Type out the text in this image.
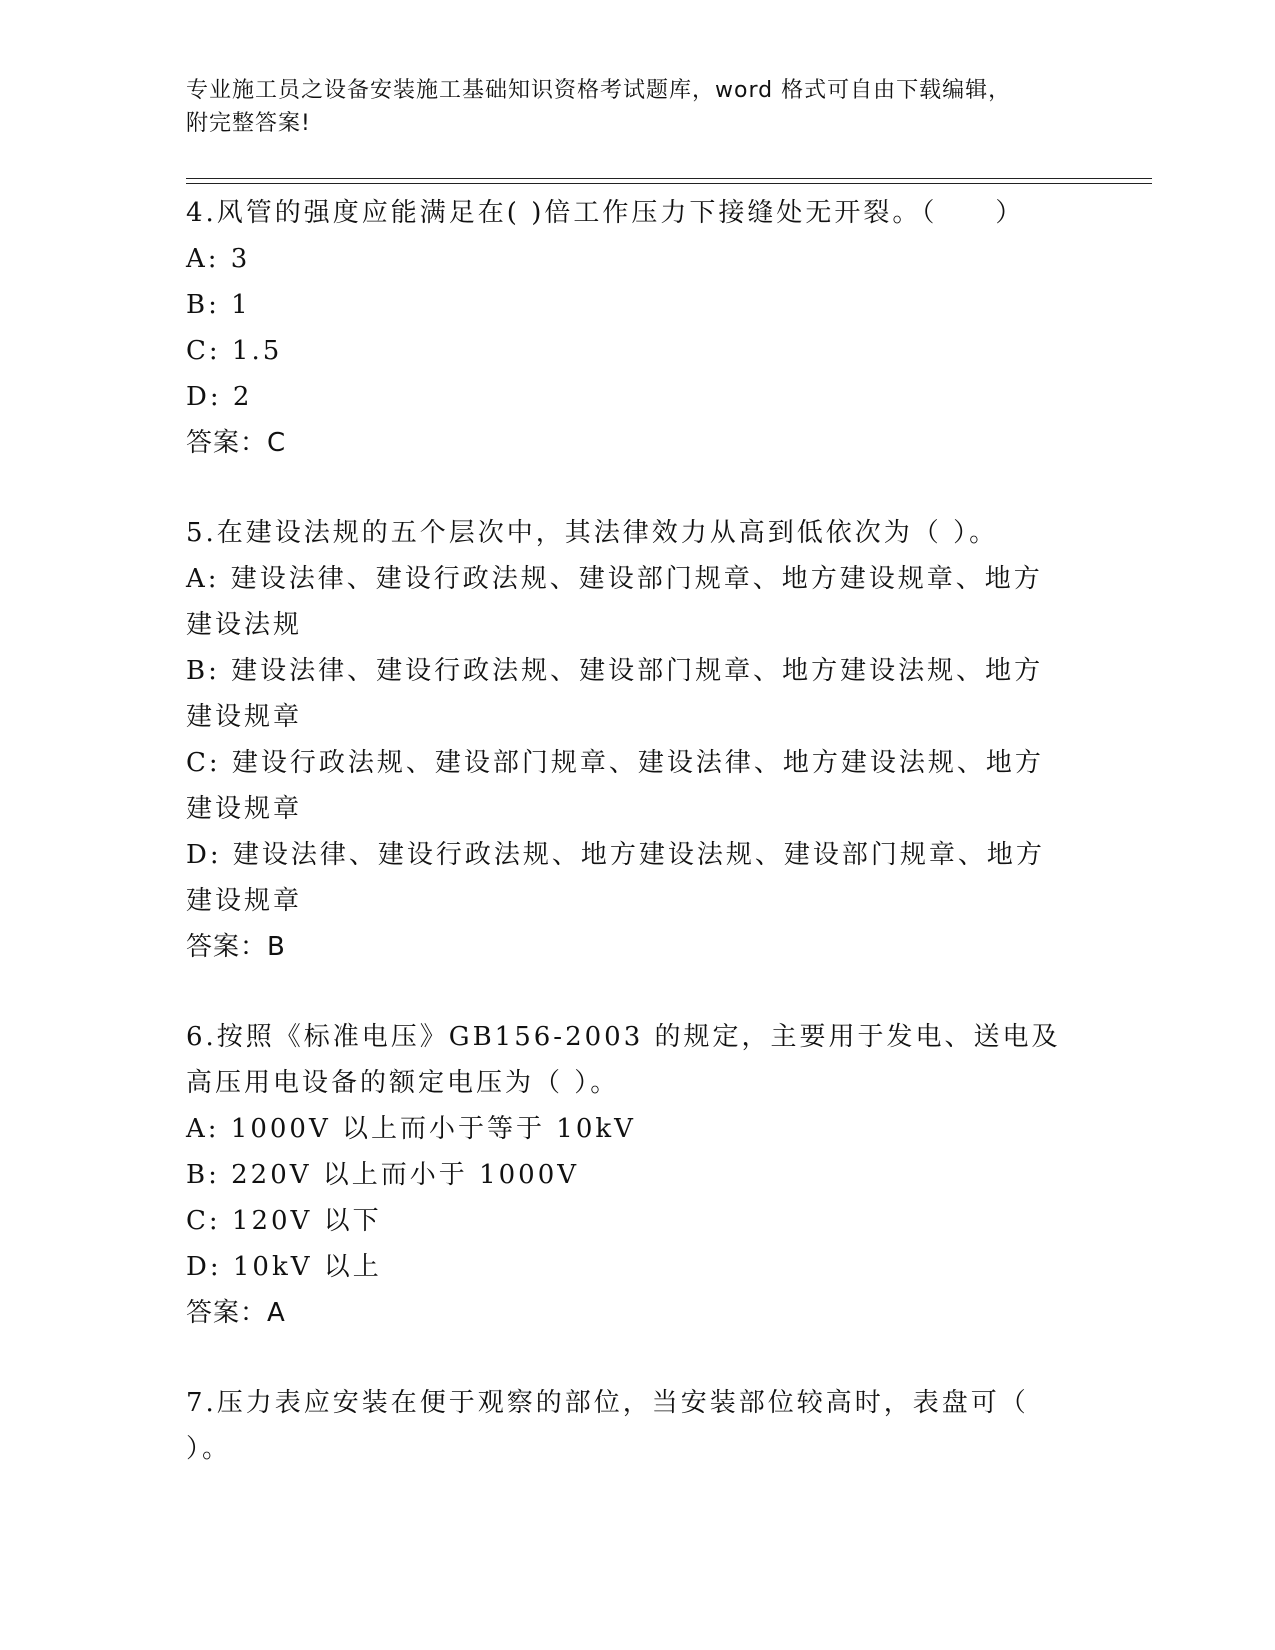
专业施工员之设备安装施工基础知识资格考试题库，word 格式可自由下载编辑，
附完整答案!
4.风管的强度应能满足在( )倍工作压力下接缝处无开裂。（　　）
A: 3
B: 1
C: 1.5
D: 2
答案：C
5.在建设法规的五个层次中，其法律效力从高到低依次为（ ）。
A: 建设法律、建设行政法规、建设部门规章、地方建设规章、地方建设法规
B: 建设法律、建设行政法规、建设部门规章、地方建设法规、地方建设规章
C: 建设行政法规、建设部门规章、建设法律、地方建设法规、地方建设规章
D: 建设法律、建设行政法规、地方建设法规、建设部门规章、地方建设规章
答案：B
6.按照《标准电压》GB156-2003 的规定，主要用于发电、送电及高压用电设备的额定电压为（ ）。
A: 1000V 以上而小于等于 10kV
B: 220V 以上而小于 1000V
C: 120V 以下
D: 10kV 以上
答案：A
7.压力表应安装在便于观察的部位，当安装部位较高时，表盘可（ ）。
